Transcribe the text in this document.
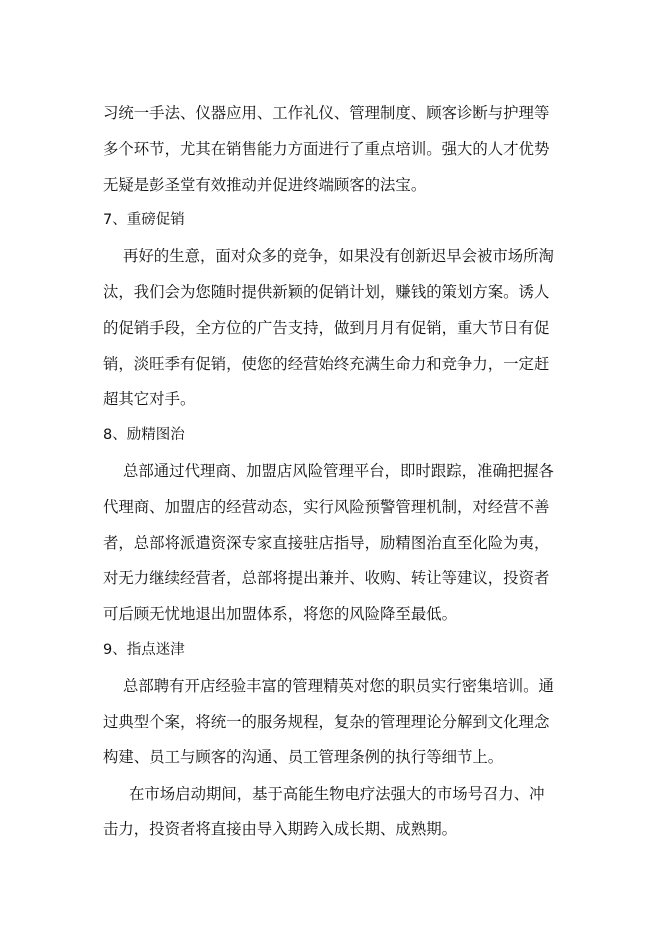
习统一手法、仪器应用、工作礼仪、管理制度、顾客诊断与护理等
多个环节，尤其在销售能力方面进行了重点培训。强大的人才优势
无疑是彭圣堂有效推动并促进终端顾客的法宝。
7、重磅促销
再好的生意，面对众多的竞争，如果没有创新迟早会被市场所淘
汰，我们会为您随时提供新颖的促销计划，赚钱的策划方案。诱人
的促销手段，全方位的广告支持，做到月月有促销，重大节日有促
销，淡旺季有促销，使您的经营始终充满生命力和竞争力，一定赶
超其它对手。
8、励精图治
总部通过代理商、加盟店风险管理平台，即时跟踪，准确把握各
代理商、加盟店的经营动态，实行风险预警管理机制，对经营不善
者，总部将派遣资深专家直接驻店指导，励精图治直至化险为夷，
对无力继续经营者，总部将提出兼并、收购、转让等建议，投资者
可后顾无忧地退出加盟体系，将您的风险降至最低。
9、指点迷津
总部聘有开店经验丰富的管理精英对您的职员实行密集培训。通
过典型个案，将统一的服务规程，复杂的管理理论分解到文化理念
构建、员工与顾客的沟通、员工管理条例的执行等细节上。
在市场启动期间，基于高能生物电疗法强大的市场号召力、冲
击力，投资者将直接由导入期跨入成长期、成熟期。
